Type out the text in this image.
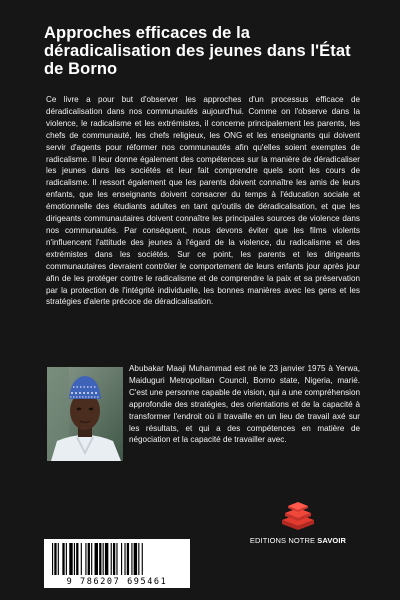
Approches efficaces de la déradicalisation des jeunes dans l'État de Borno
Ce livre a pour but d'observer les approches d'un processus efficace de déradicalisation dans nos communautés aujourd'hui. Comme on l'observe dans la violence, le radicalisme et les extrémistes, il concerne principalement les parents, les chefs de communauté, les chefs religieux, les ONG et les enseignants qui doivent servir d'agents pour réformer nos communautés afin qu'elles soient exemptes de radicalisme. Il leur donne également des compétences sur la manière de déradicaliser les jeunes dans les sociétés et leur fait comprendre quels sont les cours de radicalisme. Il ressort également que les parents doivent connaître les amis de leurs enfants, que les enseignants doivent consacrer du temps à l'éducation sociale et émotionnelle des étudiants adultes en tant qu'outils de déradicalisation, et que les dirigeants communautaires doivent connaître les principales sources de violence dans nos communautés. Par conséquent, nous devons éviter que les films violents n'influencent l'attitude des jeunes à l'égard de la violence, du radicalisme et des extrémistes dans les sociétés. Sur ce point, les parents et les dirigeants communautaires devraient contrôler le comportement de leurs enfants jour après jour afin de les protéger contre le radicalisme et de comprendre la paix et sa préservation par la protection de l'intégrité individuelle, les bonnes manières avec les gens et les stratégies d'alerte précoce de déradicalisation.
Abubakar Maaji Muhammad est né le 23 janvier 1975 à Yerwa, Maiduguri Metropolitan Council, Borno state, Nigeria, marié. C'est une personne capable de vision, qui a une compréhension approfondie des stratégies, des orientations et de la capacité à transformer l'endroit où il travaille en un lieu de travail axé sur les résultats, et qui a des compétences en matière de négociation et la capacité de travailler avec.
EDITIONS NOTRE SAVOIR
9 786207 695461
